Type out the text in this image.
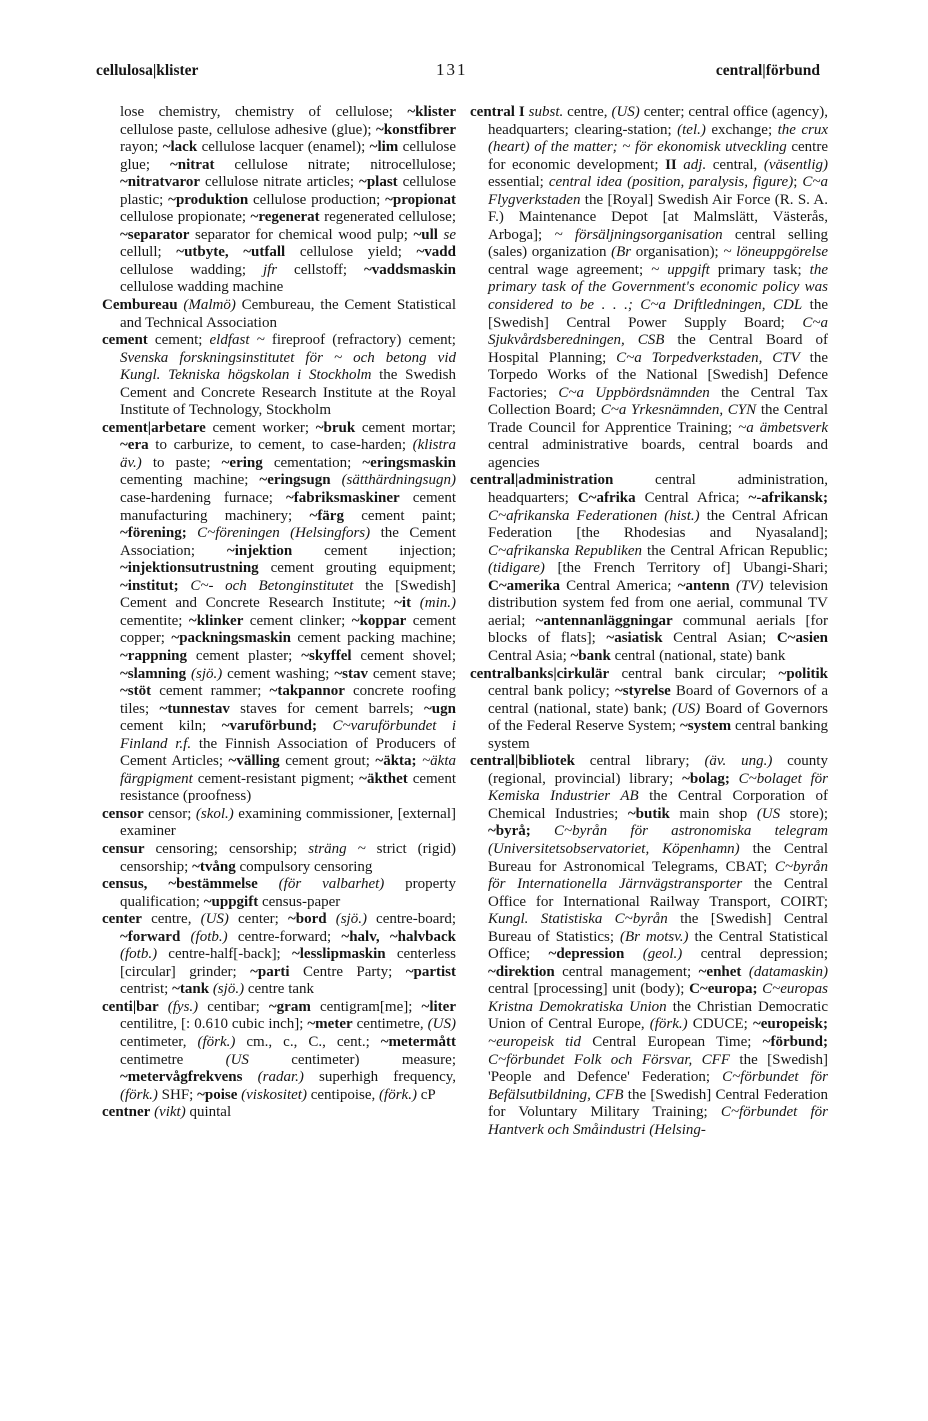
cellulosa|klister	131	central|förbund

lose chemistry, chemistry of cellulose; ~klister cellulose paste, cellulose adhesive (glue); ~konstfibrer rayon; ~lack cellulose lacquer (enamel); ~lim cellulose glue; ~nitrat cellulose nitrate; nitrocellulose; ~nitratvaror cellulose nitrate articles; ~plast cellulose plastic; ~produktion cellulose production; ~propionat cellulose propionate; ~regenerat regenerated cellulose; ~separator separator for chemical wood pulp; ~ull se cellull; ~utbyte, ~utfall cellulose yield; ~vadd cellulose wadding; jfr cellstoff; ~vaddsmaskin cellulose wadding machine

Cembureau (Malmö) Cembureau, the Cement Statistical and Technical Association

cement cement; eldfast ~ fireproof (refractory) cement; Svenska forskningsinstitutet för ~ och betong vid Kungl. Tekniska högskolan i Stockholm the Swedish Cement and Concrete Research Institute at the Royal Institute of Technology, Stockholm

cement|arbetare cement worker; ~bruk cement mortar; ~era to carburize, to cement, to case-harden; (klistra äv.) to paste; ~ering cementation; ~eringsmaskin cementing machine; ~eringsugn (sätthärdningsugn) case-hardening furnace; ~fabriksmaskiner cement manufacturing machinery; ~färg cement paint; ~förening; C~föreningen (Helsingfors) the Cement Association; ~injektion cement injection; ~injektionsutrustning cement grouting equipment; ~institut; C~- och Betonginstitutet the [Swedish] Cement and Concrete Research Institute; ~it (min.) cementite; ~klinker cement clinker; ~koppar cement copper; ~packningsmaskin cement packing machine; ~rappning cement plaster; ~skyffel cement shovel; ~slamning (sjö.) cement washing; ~stav cement stave; ~stöt cement rammer; ~takpannor concrete roofing tiles; ~tunnestav staves for cement barrels; ~ugn cement kiln; ~varuförbund; C~varuförbundet i Finland r.f. the Finnish Association of Producers of Cement Articles; ~välling cement grout; ~äkta; ~äkta färgpigment cement-resistant pigment; ~äkthet cement resistance (proofness)

censor censor; (skol.) examining commissioner, [external] examiner

censur censoring; censorship; sträng ~ strict (rigid) censorship; ~tvång compulsory censoring

census, ~bestämmelse (för valbarhet) property qualification; ~uppgift census-paper

center centre, (US) center; ~bord (sjö.) centre-board; ~forward (fotb.) centre-forward; ~halv, ~halvback (fotb.) centre-half[-back]; ~lesslipmaskin centerless [circular] grinder; ~parti Centre Party; ~partist centrist; ~tank (sjö.) centre tank

centi|bar (fys.) centibar; ~gram centigram[me]; ~liter centilitre, [: 0.610 cubic inch]; ~meter centimetre, (US) centimeter, (förk.) cm., c., C., cent.; ~metermått centimetre (US centimeter) measure; ~metervågfrekvens (radar.) superhigh frequency, (förk.) SHF; ~poise (viskositet) centipoise, (förk.) cP

centner (vikt) quintal

central I subst. centre, (US) center; central office (agency), headquarters; clearing-station; (tel.) exchange; the crux (heart) of the matter; ~ för ekonomisk utveckling centre for economic development; II adj. central, (väsentlig) essential; central idea (position, paralysis, figure); C~a Flygverkstaden the [Royal] Swedish Air Force (R. S. A. F.) Maintenance Depot [at Malmslätt, Västerås, Arboga]; ~ försäljningsorganisation central selling (sales) organization (Br organisation); ~ löneuppgörelse central wage agreement; ~ uppgift primary task; the primary task of the Government's economic policy was considered to be . . .; C~a Driftledningen, CDL the [Swedish] Central Power Supply Board; C~a Sjukvårdsberedningen, CSB the Central Board of Hospital Planning; C~a Torpedverkstaden, CTV the Torpedo Works of the National [Swedish] Defence Factories; C~a Uppbördsnämnden the Central Tax Collection Board; C~a Yrkesnämnden, CYN the Central Trade Council for Apprentice Training; ~a ämbetsverk central administrative boards, central boards and agencies

central|administration central administration, headquarters; C~afrika Central Africa; ~-afrikansk; C~afrikanska Federationen (hist.) the Central African Federation [the Rhodesias and Nyasaland]; C~afrikanska Republiken the Central African Republic; (tidigare) [the French Territory of] Ubangi-Shari; C~amerika Central America; ~antenn (TV) television distribution system fed from one aerial, communal TV aerial; ~antennanläggningar communal aerials [for blocks of flats]; ~asiatisk Central Asian; C~asien Central Asia; ~bank central (national, state) bank

centralbanks|cirkulär central bank circular; ~politik central bank policy; ~styrelse Board of Governors of a central (national, state) bank; (US) Board of Governors of the Federal Reserve System; ~system central banking system

central|bibliotek central library; (äv. ung.) county (regional, provincial) library; ~bolag; C~bolaget för Kemiska Industrier AB the Central Corporation of Chemical Industries; ~butik main shop (US store); ~byrå; C~byrån för astronomiska telegram (Universitetsobservatoriet, Köpenhamn) the Central Bureau for Astronomical Telegrams, CBAT; C~byrån för Internationella Järnvägstransporter the Central Office for International Railway Transport, COIRT; Kungl. Statistiska C~byrån the [Swedish] Central Bureau of Statistics; (Br motsv.) the Central Statistical Office; ~depression (geol.) central depression; ~direktion central management; ~enhet (datamaskin) central [processing] unit (body); C~europa; C~europas Kristna Demokratiska Union the Christian Democratic Union of Central Europe, (förk.) CDUCE; ~europeisk; ~europeisk tid Central European Time; ~förbund; C~förbundet Folk och Försvar, CFF the [Swedish] 'People and Defence' Federation; C~förbundet för Befälsutbildning, CFB the [Swedish] Central Federation for Voluntary Military Training; C~förbundet för Hantverk och Småindustri (Helsing-
